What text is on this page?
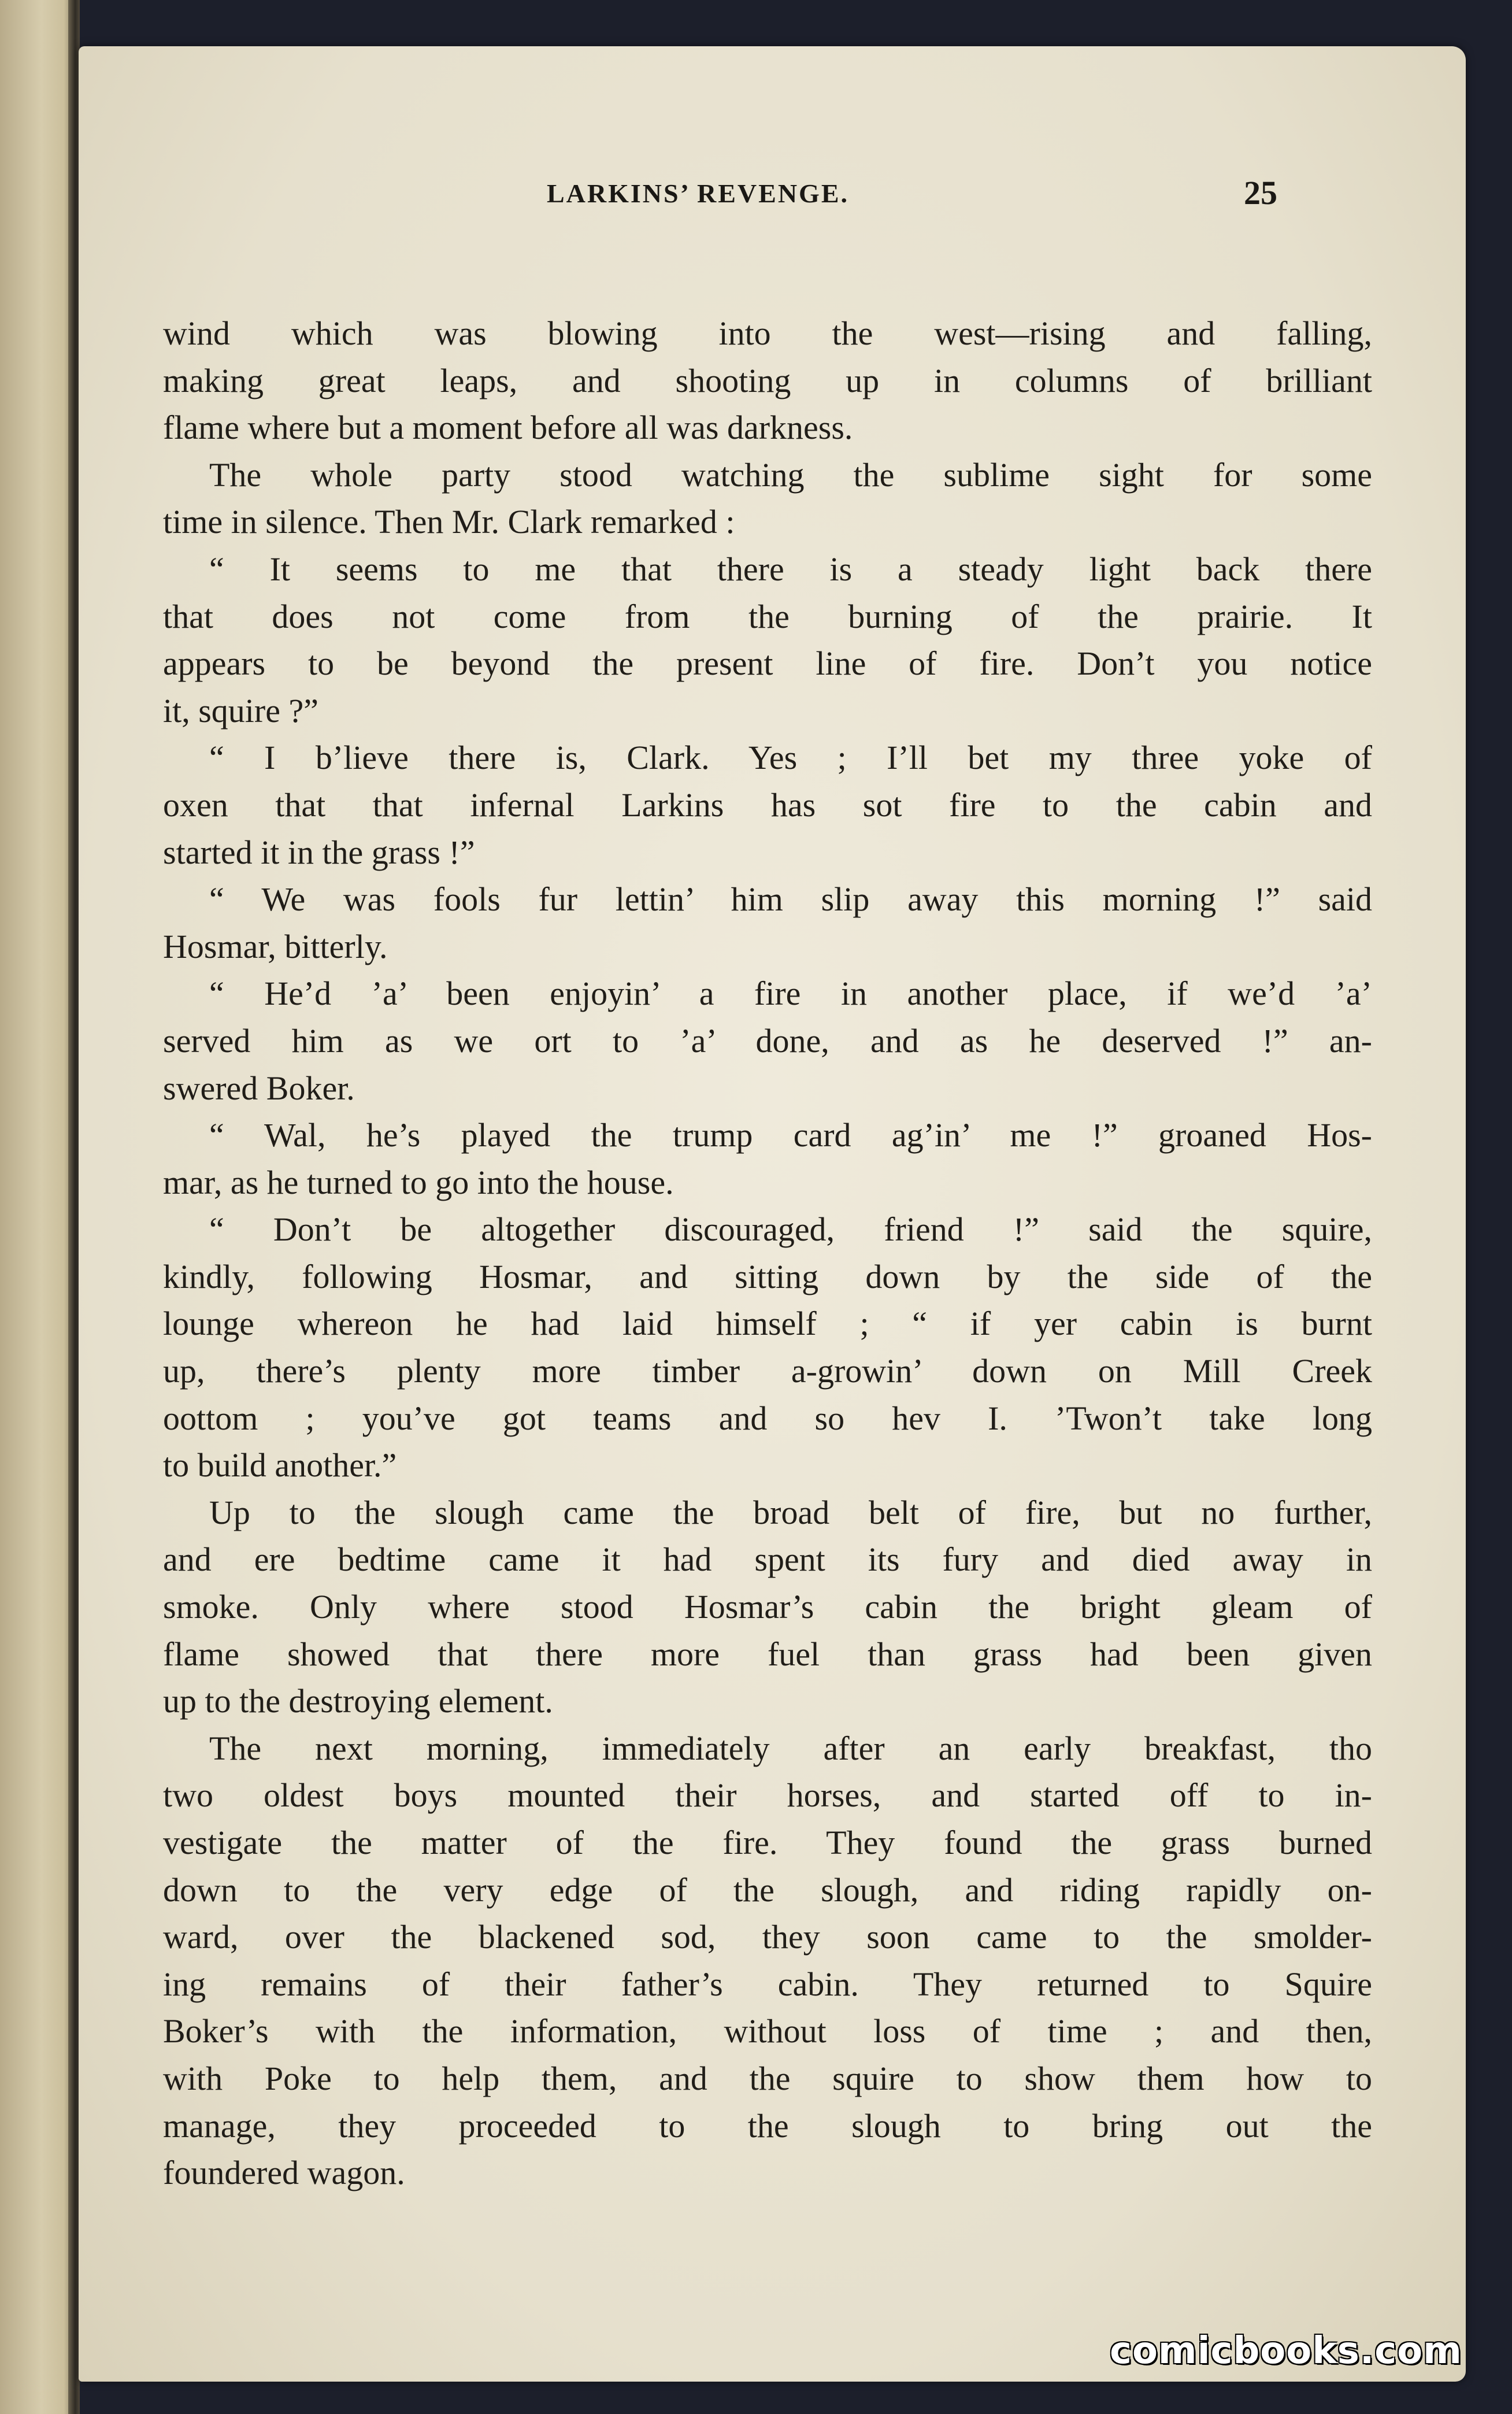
LARKINS’ REVENGE.	25
wind which was blowing into the west—rising and falling,
making great leaps, and shooting up in columns of brilliant
flame where but a moment before all was darkness.
The whole party stood watching the sublime sight for some
time in silence. Then Mr. Clark remarked :
“ It seems to me that there is a steady light back there
that does not come from the burning of the prairie. It
appears to be beyond the present line of fire. Don’t you notice
it, squire ?”
“ I b’lieve there is, Clark. Yes ; I’ll bet my three yoke of
oxen that that infernal Larkins has sot fire to the cabin and
started it in the grass !”
“ We was fools fur lettin’ him slip away this morning !” said
Hosmar, bitterly.
“ He’d ’a’ been enjoyin’ a fire in another place, if we’d ’a’
served him as we ort to ’a’ done, and as he deserved !” an-
swered Boker.
“ Wal, he’s played the trump card ag’in’ me !” groaned Hos-
mar, as he turned to go into the house.
“ Don’t be altogether discouraged, friend !” said the squire,
kindly, following Hosmar, and sitting down by the side of the
lounge whereon he had laid himself ; “ if yer cabin is burnt
up, there’s plenty more timber a-growin’ down on Mill Creek
oottom ; you’ve got teams and so hev I. ’Twon’t take long
to build another.”
Up to the slough came the broad belt of fire, but no further,
and ere bedtime came it had spent its fury and died away in
smoke. Only where stood Hosmar’s cabin the bright gleam of
flame showed that there more fuel than grass had been given
up to the destroying element.
The next morning, immediately after an early breakfast, tho
two oldest boys mounted their horses, and started off to in-
vestigate the matter of the fire. They found the grass burned
down to the very edge of the slough, and riding rapidly on-
ward, over the blackened sod, they soon came to the smolder-
ing remains of their father’s cabin. They returned to Squire
Boker’s with the information, without loss of time ; and then,
with Poke to help them, and the squire to show them how to
manage, they proceeded to the slough to bring out the
foundered wagon.
comicbooks.com
